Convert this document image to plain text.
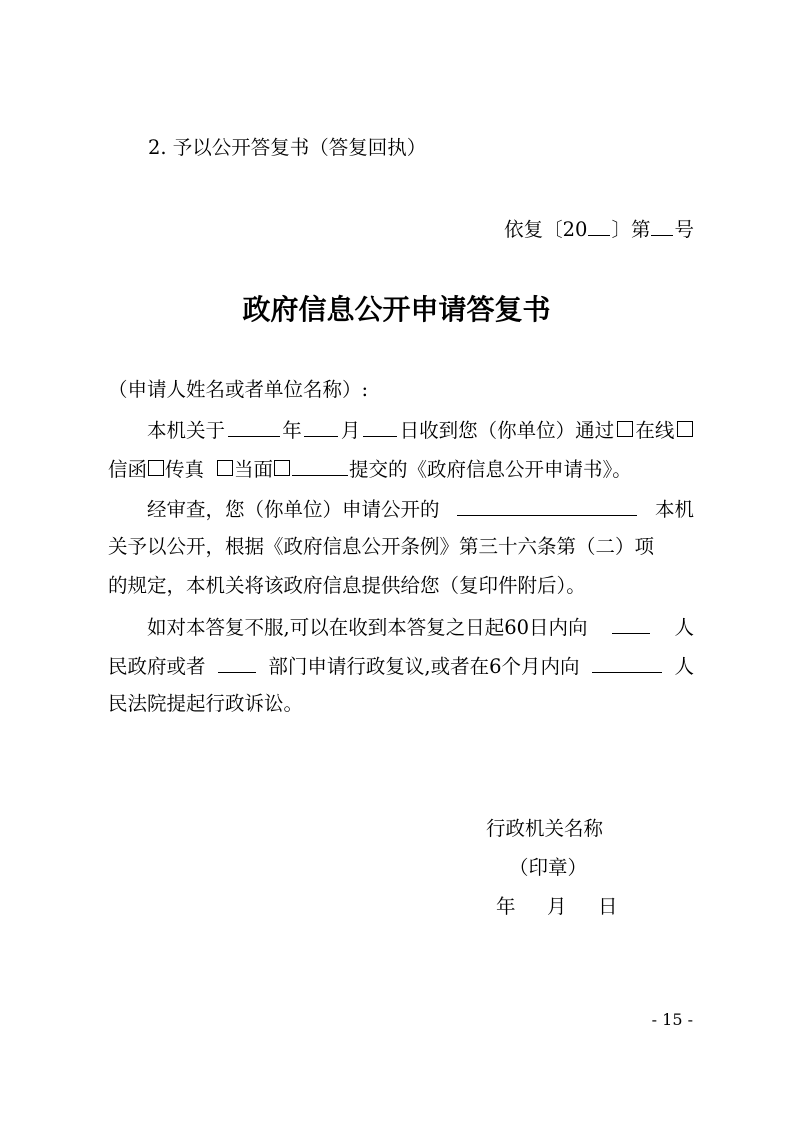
2. 予以公开答复书（答复回执）
依复〔20 〕第 号
政府信息公开申请答复书
（申请人姓名或者单位名称）:
本机关于	年 月 日收到您（你单位）通过 在线
信函 传真 当面	提交的《政府信息公开申请书》。
经审查，您（你单位）申请公开的	本机
关予以公开，根据《政府信息公开条例》第三十六条第（二）项
的规定，本机关将该政府信息提供给您（复印件附后）。
如对本答复不服,可以在收到本答复之日起60日内向	人
民政府或者	部门申请行政复议,或者在6个月内向	人
民法院提起行政诉讼。
行政机关名称
（印章）
年　月　日
- 15 -
